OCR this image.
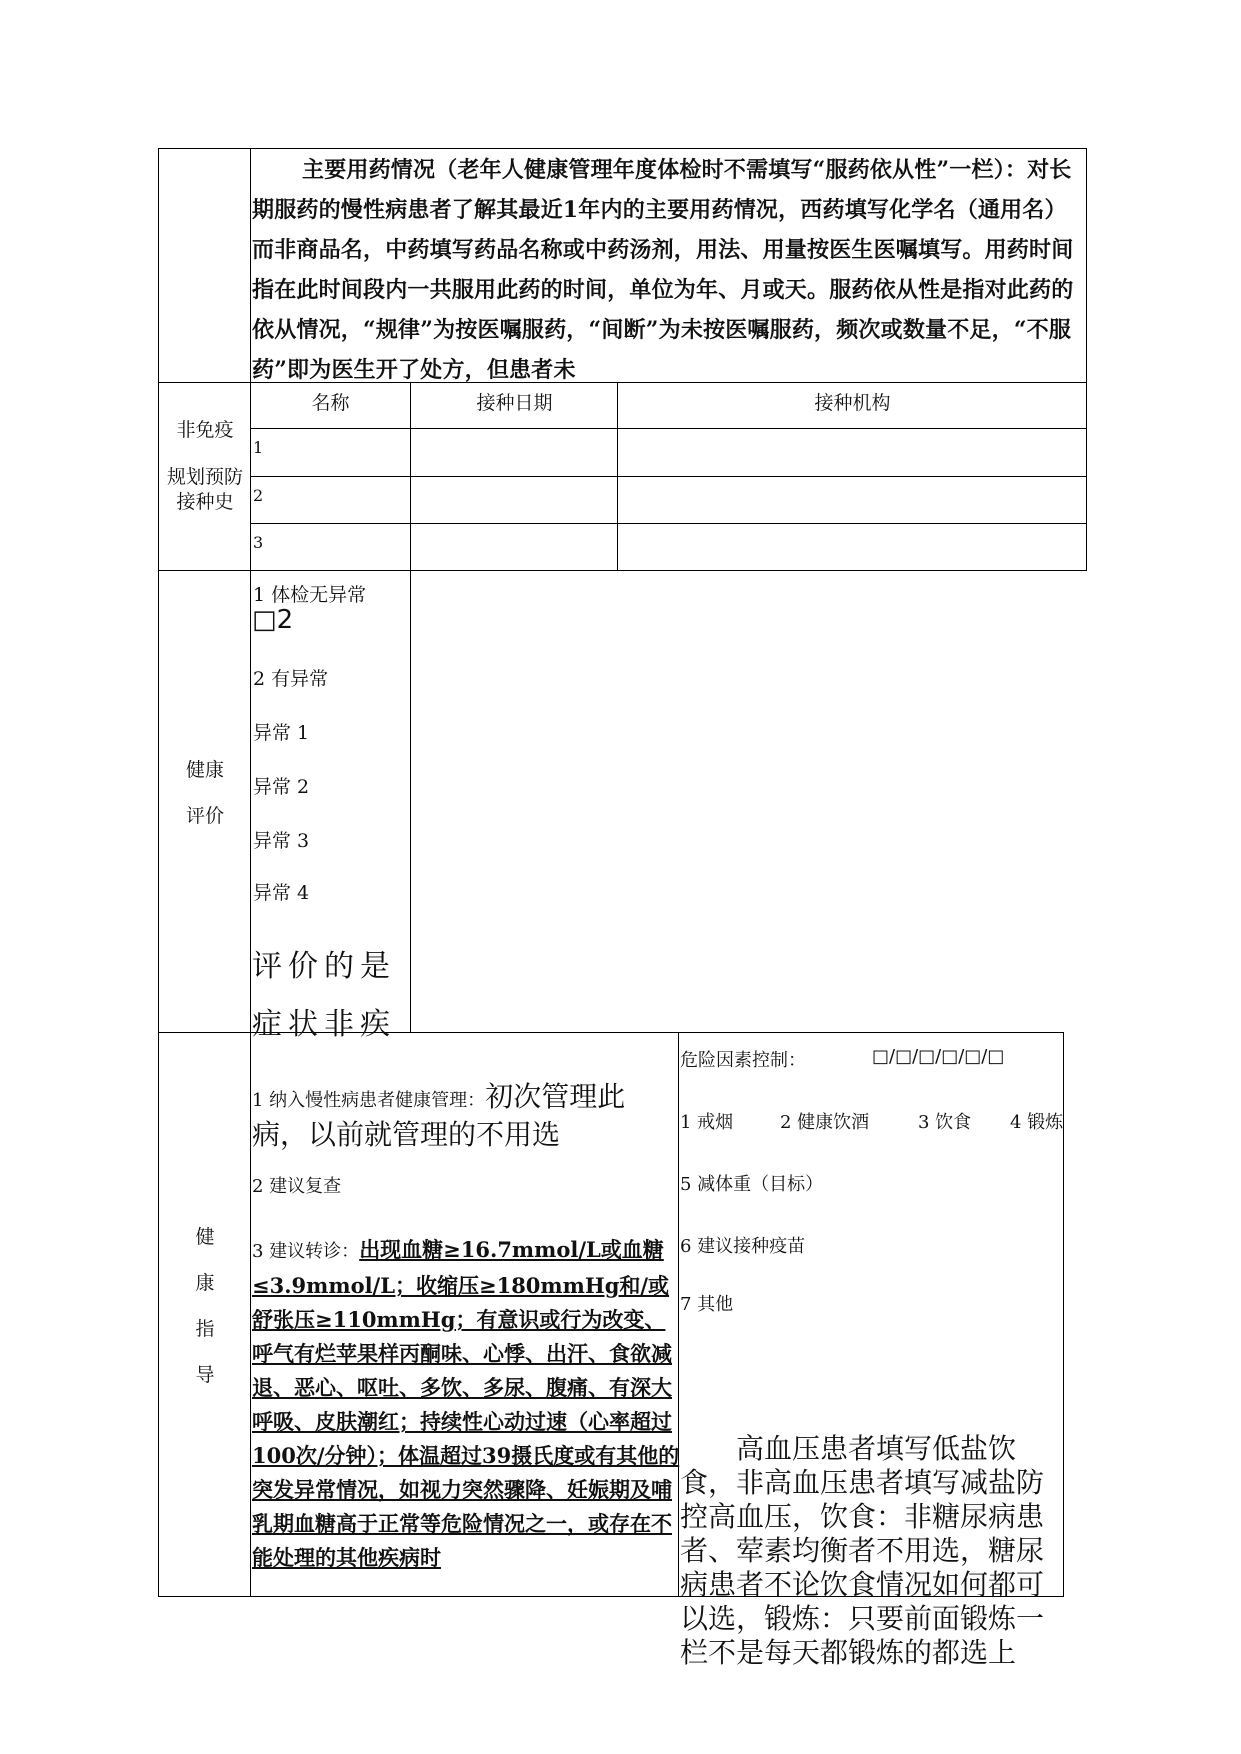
主要用药情况（老年人健康管理年度体检时不需填写“服药依从性”一栏）：对长期服药的慢性病患者了解其最近1年内的主要用药情况，西药填写化学名（通用名）而非商品名，中药填写药品名称或中药汤剂，用法、用量按医生医嘱填写。用药时间指在此时间段内一共服用此药的时间，单位为年、月或天。服药依从性是指对此药的依从情况，“规律”为按医嘱服药，“间断”为未按医嘱服药，频次或数量不足，“不服药”即为医生开了处方，但患者未
非免疫
规划预防
接种史
名称	接种日期	接种机构
1
2
3
健康
评价
1 体检无异常
□2
2 有异常
异常 1
异常 2
异常 3
异常 4
评价的是症状非疾
健
康
指
导
1 纳入慢性病患者健康管理：初次管理此病，以前就管理的不用选
2 建议复查
3 建议转诊：出现血糖≥16.7mmol/L或血糖≤3.9mmol/L；收缩压≥180mmHg和/或舒张压≥110mmHg；有意识或行为改变、呼气有烂苹果样丙酮味、心悸、出汗、食欲减退、恶心、呕吐、多饮、多尿、腹痛、有深大呼吸、皮肤潮红；持续性心动过速（心率超过100次/分钟）；体温超过39摄氏度或有其他的突发异常情况，如视力突然骤降、妊娠期及哺乳期血糖高于正常等危险情况之一，或存在不能处理的其他疾病时
危险因素控制：	□/□/□/□/□/□
1 戒烟	2 健康饮酒	3 饮食 4 锻炼
5 减体重（目标）
6 建议接种疫苗
7 其他
高血压患者填写低盐饮食，非高血压患者填写减盐防控高血压，饮食：非糖尿病患者、荤素均衡者不用选，糖尿病患者不论饮食情况如何都可以选，锻炼：只要前面锻炼一栏不是每天都锻炼的都选上
